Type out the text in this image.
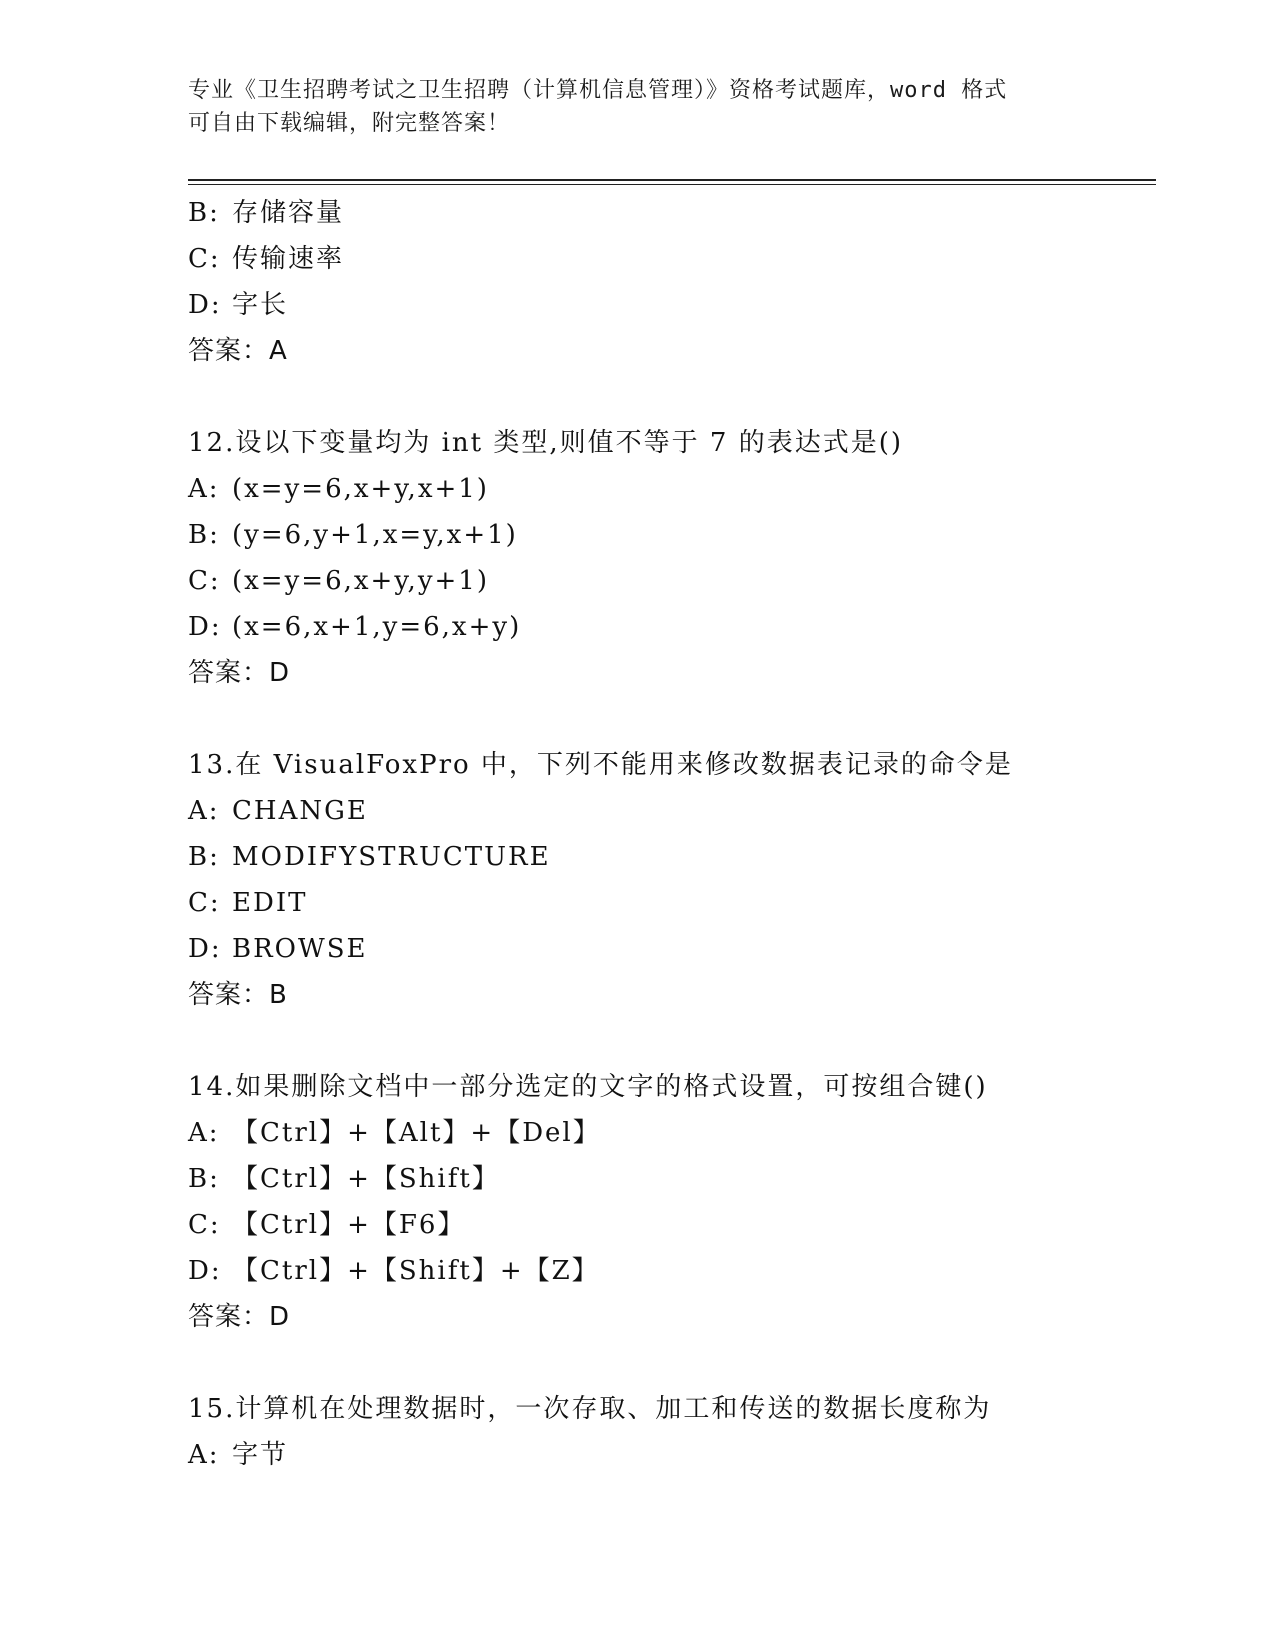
专业《卫生招聘考试之卫生招聘（计算机信息管理）》资格考试题库，word 格式
可自由下载编辑，附完整答案！
B: 存储容量
C: 传输速率
D: 字长
答案：A
12.设以下变量均为 int 类型,则值不等于 7 的表达式是()
A: (x=y=6,x+y,x+1)
B: (y=6,y+1,x=y,x+1)
C: (x=y=6,x+y,y+1)
D: (x=6,x+1,y=6,x+y)
答案：D
13.在 VisualFoxPro 中，下列不能用来修改数据表记录的命令是
A: CHANGE
B: MODIFYSTRUCTURE
C: EDIT
D: BROWSE
答案：B
14.如果删除文档中一部分选定的文字的格式设置，可按组合键()
A: 【Ctrl】+【Alt】+【Del】
B: 【Ctrl】+【Shift】
C: 【Ctrl】+【F6】
D: 【Ctrl】+【Shift】+【Z】
答案：D
15.计算机在处理数据时，一次存取、加工和传送的数据长度称为
A: 字节
